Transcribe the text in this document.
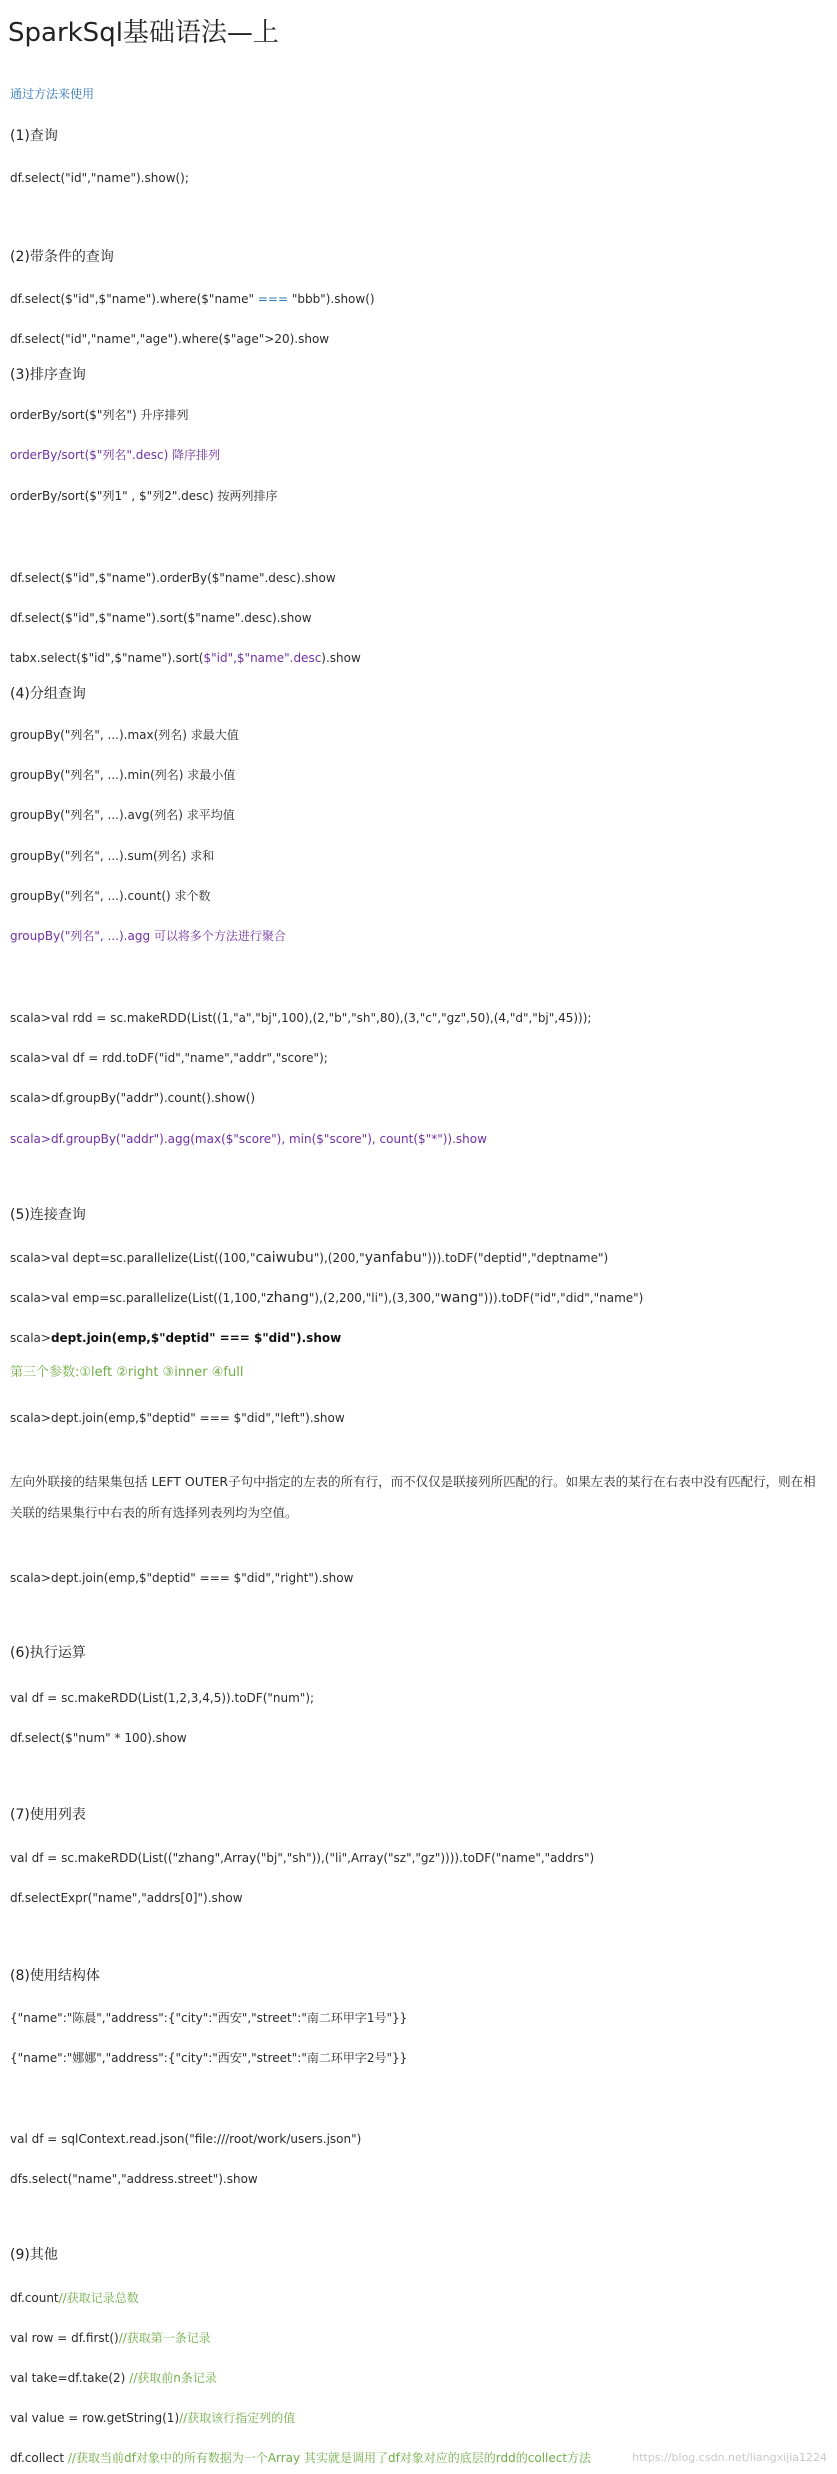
SparkSql基础语法—上
通过方法来使用
(1)查询
df.select("id","name").show();
(2)带条件的查询
df.select($"id",$"name").where($"name" === "bbb").show()
df.select("id","name","age").where($"age">20).show
(3)排序查询
orderBy/sort($"列名") 升序排列
orderBy/sort($"列名".desc) 降序排列
orderBy/sort($"列1" , $"列2".desc) 按两列排序
df.select($"id",$"name").orderBy($"name".desc).show
df.select($"id",$"name").sort($"name".desc).show
tabx.select($"id",$"name").sort($"id",$"name".desc).show
(4)分组查询
groupBy("列名", ...).max(列名) 求最大值
groupBy("列名", ...).min(列名) 求最小值
groupBy("列名", ...).avg(列名) 求平均值
groupBy("列名", ...).sum(列名) 求和
groupBy("列名", ...).count() 求个数
groupBy("列名", ...).agg 可以将多个方法进行聚合
scala>val rdd = sc.makeRDD(List((1,"a","bj",100),(2,"b","sh",80),(3,"c","gz",50),(4,"d","bj",45)));
scala>val df = rdd.toDF("id","name","addr","score");
scala>df.groupBy("addr").count().show()
scala>df.groupBy("addr").agg(max($"score"), min($"score"), count($"*")).show
(5)连接查询
scala>val dept=sc.parallelize(List((100,"caiwubu"),(200,"yanfabu"))).toDF("deptid","deptname")
scala>val emp=sc.parallelize(List((1,100,"zhang"),(2,200,"li"),(3,300,"wang"))).toDF("id","did","name")
scala>dept.join(emp,$"deptid" === $"did").show
第三个参数:①left ②right ③inner ④full
scala>dept.join(emp,$"deptid" === $"did","left").show
左向外联接的结果集包括 LEFT OUTER子句中指定的左表的所有行，而不仅仅是联接列所匹配的行。如果左表的某行在右表中没有匹配行，则在相关联的结果集行中右表的所有选择列表列均为空值。
scala>dept.join(emp,$"deptid" === $"did","right").show
(6)执行运算
val df = sc.makeRDD(List(1,2,3,4,5)).toDF("num");
df.select($"num" * 100).show
(7)使用列表
val df = sc.makeRDD(List(("zhang",Array("bj","sh")),("li",Array("sz","gz")))).toDF("name","addrs")
df.selectExpr("name","addrs[0]").show
(8)使用结构体
{"name":"陈晨","address":{"city":"西安","street":"南二环甲字1号"}}
{"name":"娜娜","address":{"city":"西安","street":"南二环甲字2号"}}
val df = sqlContext.read.json("file:///root/work/users.json")
dfs.select("name","address.street").show
(9)其他
df.count//获取记录总数
val row = df.first()//获取第一条记录
val take=df.take(2) //获取前n条记录
val value = row.getString(1)//获取该行指定列的值
df.collect //获取当前df对象中的所有数据为一个Array 其实就是调用了df对象对应的底层的rdd的collect方法	https://blog.csdn.net/liangxijia1224
